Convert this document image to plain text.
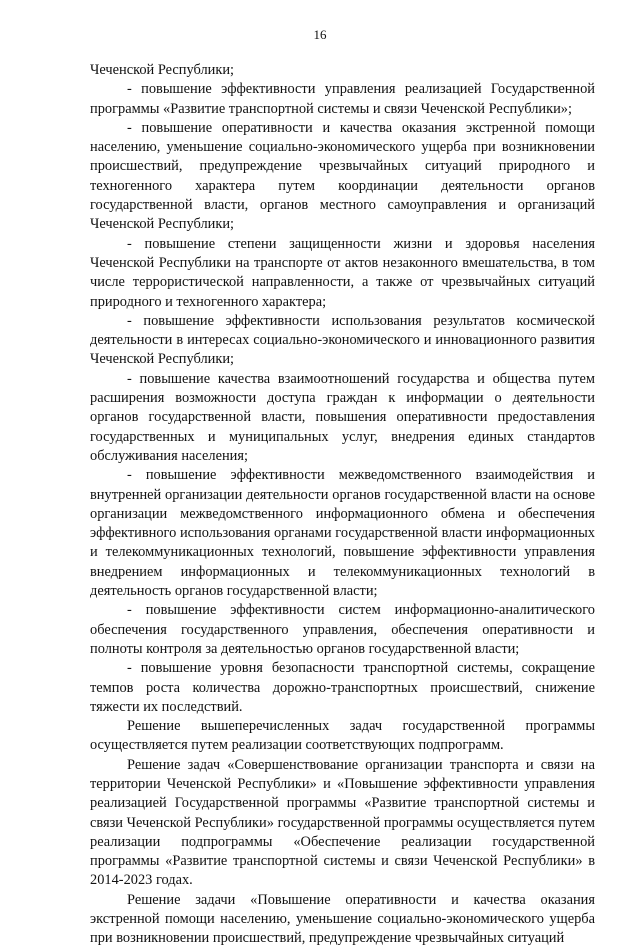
16

Чеченской Республики;

- повышение эффективности управления реализацией Государственной программы «Развитие транспортной системы и связи Чеченской Республики»;

- повышение оперативности и качества оказания экстренной помощи населению, уменьшение социально-экономического ущерба при возникновении происшествий, предупреждение чрезвычайных ситуаций природного и техногенного характера путем координации деятельности органов государственной власти, органов местного самоуправления и организаций Чеченской Республики;

- повышение степени защищенности жизни и здоровья населения Чеченской Республики на транспорте от актов незаконного вмешательства, в том числе террористической направленности, а также от чрезвычайных ситуаций природного и техногенного характера;

- повышение эффективности использования результатов космической деятельности в интересах социально-экономического и инновационного развития Чеченской Республики;

- повышение качества взаимоотношений государства и общества путем расширения возможности доступа граждан к информации о деятельности органов государственной власти, повышения оперативности предоставления государственных и муниципальных услуг, внедрения единых стандартов обслуживания населения;

- повышение эффективности межведомственного взаимодействия и внутренней организации деятельности органов государственной власти на основе организации межведомственного информационного обмена и обеспечения эффективного использования органами государственной власти информационных и телекоммуникационных технологий, повышение эффективности управления внедрением информационных и телекоммуникационных технологий в деятельность органов государственной власти;

- повышение эффективности систем информационно-аналитического обеспечения государственного управления, обеспечения оперативности и полноты контроля за деятельностью органов государственной власти;

- повышение уровня безопасности транспортной системы, сокращение темпов роста количества дорожно-транспортных происшествий, снижение тяжести их последствий.

Решение вышеперечисленных задач государственной программы осуществляется путем реализации соответствующих подпрограмм.

Решение задач «Совершенствование организации транспорта и связи на территории Чеченской Республики» и «Повышение эффективности управления реализацией Государственной программы «Развитие транспортной системы и связи Чеченской Республики» государственной программы осуществляется путем реализации подпрограммы «Обеспечение реализации государственной программы «Развитие транспортной системы и связи Чеченской Республики» в 2014-2023 годах.

Решение задачи «Повышение оперативности и качества оказания экстренной помощи населению, уменьшение социально-экономического ущерба при возникновении происшествий, предупреждение чрезвычайных ситуаций
